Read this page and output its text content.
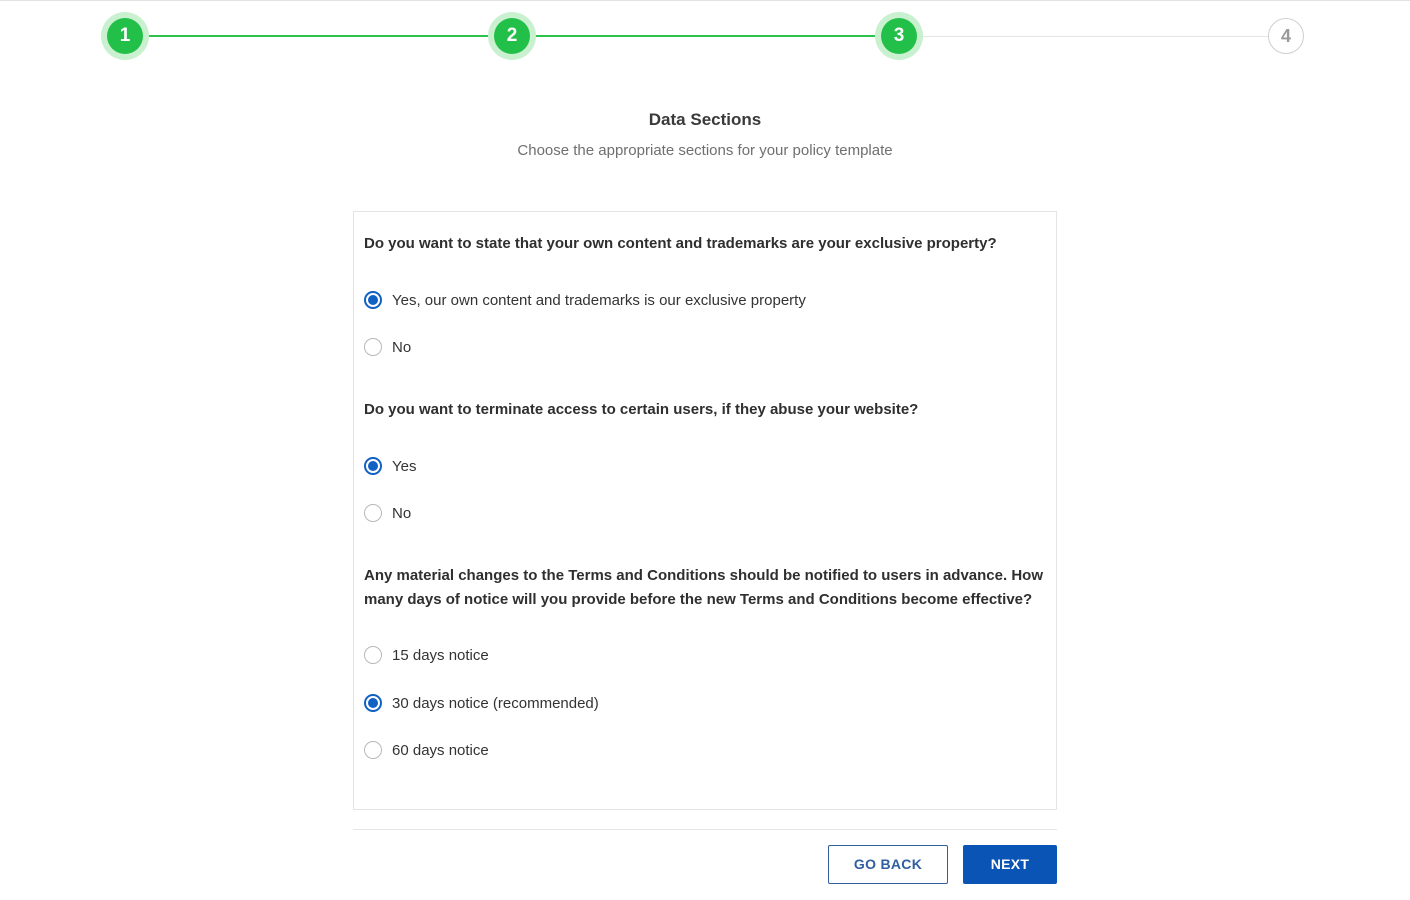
1	2	3	4
Data Sections
Choose the appropriate sections for your policy template
Do you want to state that your own content and trademarks are your exclusive property?
Yes, our own content and trademarks is our exclusive property
No
Do you want to terminate access to certain users, if they abuse your website?
Yes
No
Any material changes to the Terms and Conditions should be notified to users in advance. How many days of notice will you provide before the new Terms and Conditions become effective?
15 days notice
30 days notice (recommended)
60 days notice
GO BACK	NEXT
